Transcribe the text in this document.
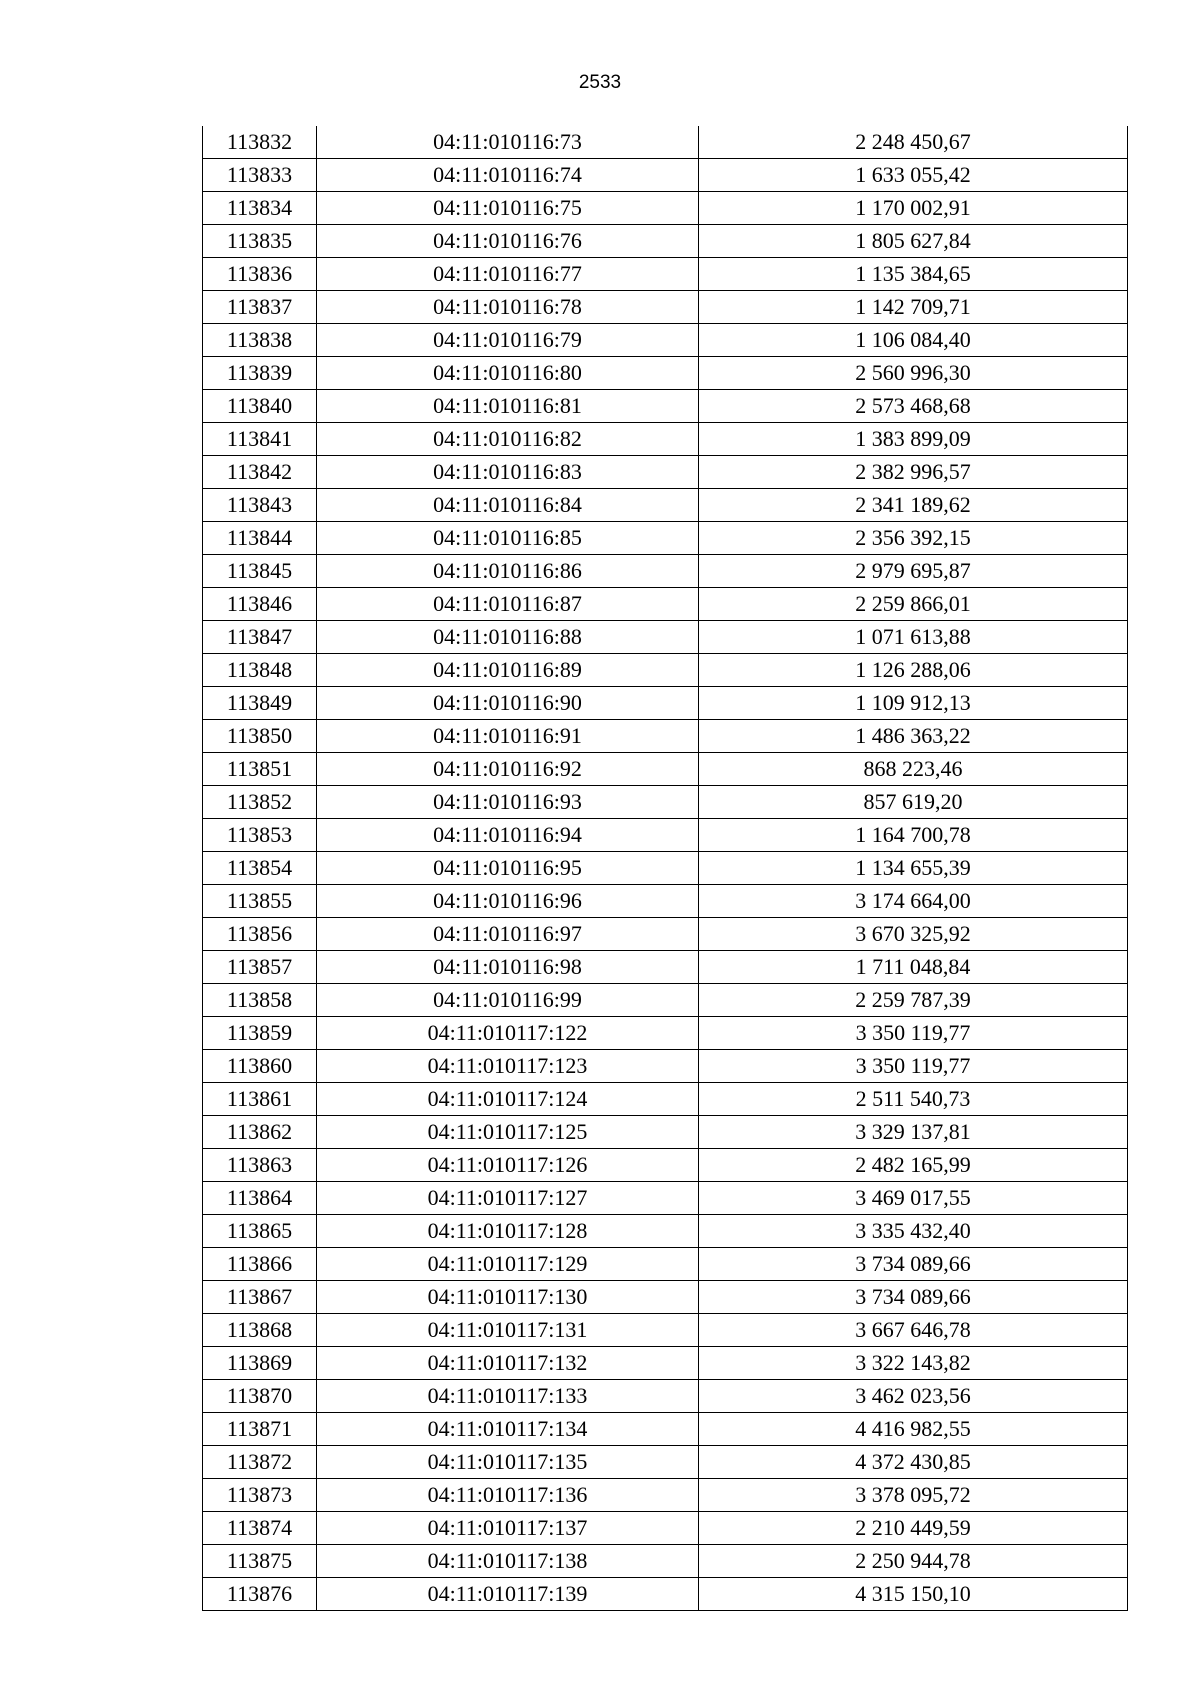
2533
113832	04:11:010116:73	2 248 450,67
113833	04:11:010116:74	1 633 055,42
113834	04:11:010116:75	1 170 002,91
113835	04:11:010116:76	1 805 627,84
113836	04:11:010116:77	1 135 384,65
113837	04:11:010116:78	1 142 709,71
113838	04:11:010116:79	1 106 084,40
113839	04:11:010116:80	2 560 996,30
113840	04:11:010116:81	2 573 468,68
113841	04:11:010116:82	1 383 899,09
113842	04:11:010116:83	2 382 996,57
113843	04:11:010116:84	2 341 189,62
113844	04:11:010116:85	2 356 392,15
113845	04:11:010116:86	2 979 695,87
113846	04:11:010116:87	2 259 866,01
113847	04:11:010116:88	1 071 613,88
113848	04:11:010116:89	1 126 288,06
113849	04:11:010116:90	1 109 912,13
113850	04:11:010116:91	1 486 363,22
113851	04:11:010116:92	868 223,46
113852	04:11:010116:93	857 619,20
113853	04:11:010116:94	1 164 700,78
113854	04:11:010116:95	1 134 655,39
113855	04:11:010116:96	3 174 664,00
113856	04:11:010116:97	3 670 325,92
113857	04:11:010116:98	1 711 048,84
113858	04:11:010116:99	2 259 787,39
113859	04:11:010117:122	3 350 119,77
113860	04:11:010117:123	3 350 119,77
113861	04:11:010117:124	2 511 540,73
113862	04:11:010117:125	3 329 137,81
113863	04:11:010117:126	2 482 165,99
113864	04:11:010117:127	3 469 017,55
113865	04:11:010117:128	3 335 432,40
113866	04:11:010117:129	3 734 089,66
113867	04:11:010117:130	3 734 089,66
113868	04:11:010117:131	3 667 646,78
113869	04:11:010117:132	3 322 143,82
113870	04:11:010117:133	3 462 023,56
113871	04:11:010117:134	4 416 982,55
113872	04:11:010117:135	4 372 430,85
113873	04:11:010117:136	3 378 095,72
113874	04:11:010117:137	2 210 449,59
113875	04:11:010117:138	2 250 944,78
113876	04:11:010117:139	4 315 150,10
